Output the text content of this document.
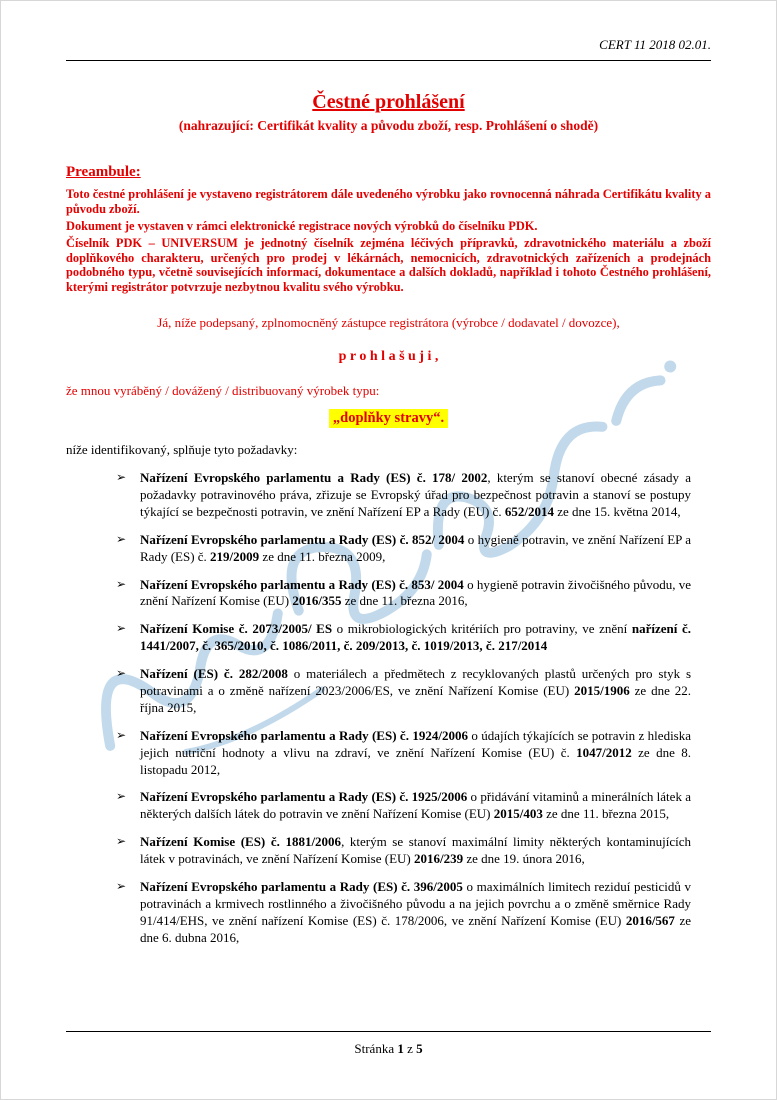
CERT 11 2018 02.01.
Čestné prohlášení
(nahrazující: Certifikát kvality a původu zboží, resp. Prohlášení o shodě)
Preambule:

Toto čestné prohlášení je vystaveno registrátorem dále uvedeného výrobku jako rovnocenná náhrada Certifikátu kvality a původu zboží.

Dokument je vystaven v rámci elektronické registrace nových výrobků do číselníku PDK.

Číselník PDK – UNIVERSUM je jednotný číselník zejména léčivých přípravků, zdravotnického materiálu a zboží doplňkového charakteru, určených pro prodej v lékárnách, nemocnicích, zdravotnických zařízeních a prodejnách podobného typu, včetně souvisejících informací, dokumentace a dalších dokladů, například i tohoto Čestného prohlášení, kterými registrátor potvrzuje nezbytnou kvalitu svého výrobku.

Já, níže podepsaný, zplnomocněný zástupce registrátora (výrobce / dodavatel / dovozce),
p r o h l a š u j i ,
že mnou vyráběný / dovážený / distribuovaný výrobek typu:
„doplňky stravy“.
níže identifikovaný, splňuje tyto požadavky:
➢ Nařízení Evropského parlamentu a Rady (ES) č. 178/ 2002, kterým se stanoví obecné zásady a požadavky potravinového práva, zřizuje se Evropský úřad pro bezpečnost potravin a stanoví se postupy týkající se bezpečnosti potravin, ve znění Nařízení EP a Rady (EU) č. 652/2014 ze dne 15. května 2014,
➢ Nařízení Evropského parlamentu a Rady (ES) č. 852/ 2004 o hygieně potravin, ve znění Nařízení EP a Rady (ES) č. 219/2009 ze dne 11. března 2009,
➢ Nařízení Evropského parlamentu a Rady (ES) č. 853/ 2004 o hygieně potravin živočišného původu, ve znění Nařízení Komise (EU) 2016/355 ze dne 11. března 2016,
➢ Nařízení Komise č. 2073/2005/ ES o mikrobiologických kritériích pro potraviny, ve znění nařízení č. 1441/2007, č. 365/2010, č. 1086/2011, č. 209/2013, č. 1019/2013, č. 217/2014
➢ Nařízení (ES) č. 282/2008 o materiálech a předmětech z recyklovaných plastů určených pro styk s potravinami a o změně nařízení 2023/2006/ES, ve znění Nařízení Komise (EU) 2015/1906 ze dne 22. října 2015,
➢ Nařízení Evropského parlamentu a Rady (ES) č. 1924/2006 o údajích týkajících se potravin z hlediska jejich nutriční hodnoty a vlivu na zdraví, ve znění Nařízení Komise (EU) č. 1047/2012 ze dne 8. listopadu 2012,
➢ Nařízení Evropského parlamentu a Rady (ES) č. 1925/2006 o přidávání vitaminů a minerálních látek a některých dalších látek do potravin ve znění Nařízení Komise (EU) 2015/403 ze dne 11. března 2015,
➢ Nařízení Komise (ES) č. 1881/2006, kterým se stanoví maximální limity některých kontaminujících látek v potravinách, ve znění Nařízení Komise (EU) 2016/239 ze dne 19. února 2016,
➢ Nařízení Evropského parlamentu a Rady (ES) č. 396/2005 o maximálních limitech reziduí pesticidů v potravinách a krmivech rostlinného a živočišného původu a na jejich povrchu a o změně směrnice Rady 91/414/EHS, ve znění nařízení Komise (ES) č. 178/2006, ve znění Nařízení Komise (EU) 2016/567 ze dne 6. dubna 2016,
Stránka 1 z 5
